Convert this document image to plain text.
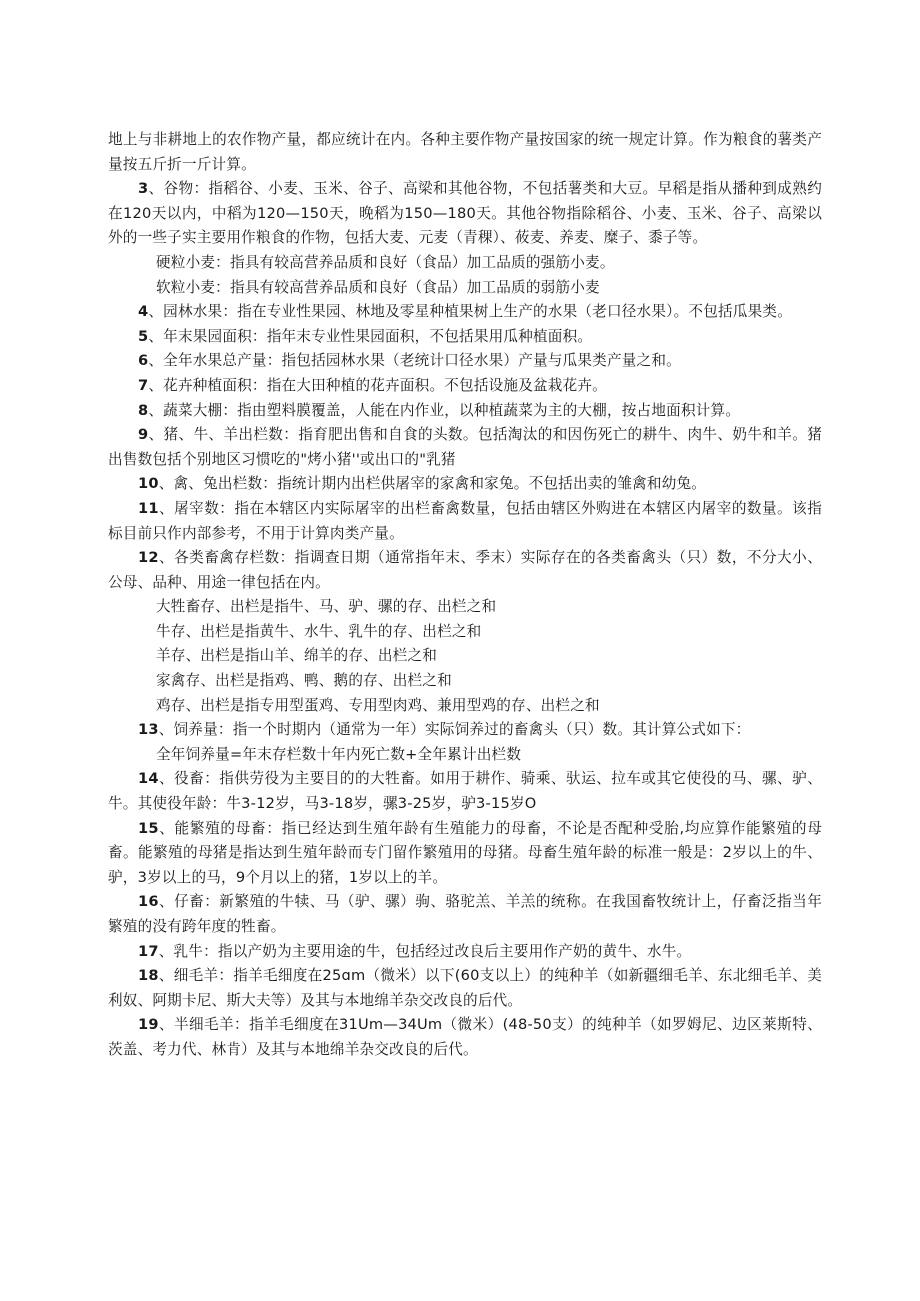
地上与非耕地上的农作物产量，都应统计在内。各种主要作物产量按国家的统一规定计算。作为粮食的薯类产量按五斤折一斤计算。

3、谷物：指稻谷、小麦、玉米、谷子、高梁和其他谷物，不包括薯类和大豆。早稻是指从播种到成熟约在120天以内，中稻为120—150天，晚稻为150—180天。其他谷物指除稻谷、小麦、玉米、谷子、高梁以外的一些子实主要用作粮食的作物，包括大麦、元麦（青稞）、莜麦、养麦、糜子、黍子等。

硬粒小麦：指具有较高营养品质和良好（食品）加工品质的强筋小麦。

软粒小麦：指具有较高营养品质和良好（食品）加工品质的弱筋小麦

4、园林水果：指在专业性果园、林地及零星种植果树上生产的水果（老口径水果）。不包括瓜果类。

5、年末果园面积：指年末专业性果园面积，不包括果用瓜种植面积。

6、全年水果总产量：指包括园林水果（老统计口径水果）产量与瓜果类产量之和。

7、花卉种植面积：指在大田种植的花卉面积。不包括设施及盆栽花卉。

8、蔬菜大棚：指由塑料膜覆盖，人能在内作业，以种植蔬菜为主的大棚，按占地面积计算。

9、猪、牛、羊出栏数：指育肥出售和自食的头数。包括淘汰的和因伤死亡的耕牛、肉牛、奶牛和羊。猪出售数包括个别地区习惯吃的"烤小猪''或出口的"乳猪

10、禽、兔出栏数：指统计期内出栏供屠宰的家禽和家兔。不包括出卖的雏禽和幼兔。

11、屠宰数：指在本辖区内实际屠宰的出栏畜禽数量，包括由辖区外购进在本辖区内屠宰的数量。该指标目前只作内部参考，不用于计算肉类产量。

12、各类畜禽存栏数：指调查日期（通常指年末、季末）实际存在的各类畜禽头（只）数，不分大小、公母、品种、用途一律包括在内。

大牲畜存、出栏是指牛、马、驴、骡的存、出栏之和

牛存、出栏是指黄牛、水牛、乳牛的存、出栏之和

羊存、出栏是指山羊、绵羊的存、出栏之和

家禽存、出栏是指鸡、鸭、鹅的存、出栏之和

鸡存、出栏是指专用型蛋鸡、专用型肉鸡、兼用型鸡的存、出栏之和

13、饲养量：指一个时期内（通常为一年）实际饲养过的畜禽头（只）数。其计算公式如下：

全年饲养量=年末存栏数十年内死亡数+全年累计出栏数

14、役畜：指供劳役为主要目的的大牲畜。如用于耕作、骑乘、驮运、拉车或其它使役的马、骡、驴、牛。其使役年龄：牛3-12岁，马3-18岁，骡3-25岁，驴3-15岁O

15、能繁殖的母畜：指已经达到生殖年龄有生殖能力的母畜，不论是否配种受胎,均应算作能繁殖的母畜。能繁殖的母猪是指达到生殖年龄而专门留作繁殖用的母猪。母畜生殖年龄的标准一般是：2岁以上的牛、驴，3岁以上的马，9个月以上的猪，1岁以上的羊。

16、仔畜：新繁殖的牛犊、马（驴、骡）驹、骆驼羔、羊羔的统称。在我国畜牧统计上，仔畜泛指当年繁殖的没有跨年度的牲畜。

17、乳牛：指以产奶为主要用途的牛，包括经过改良后主要用作产奶的黄牛、水牛。

18、细毛羊：指羊毛细度在25ɑm（微米）以下(60支以上）的纯种羊（如新疆细毛羊、东北细毛羊、美利奴、阿期卡尼、斯大夫等）及其与本地绵羊杂交改良的后代。

19、半细毛羊：指羊毛细度在31Um—34Um（微米）(48-50支）的纯种羊（如罗姆尼、边区莱斯特、茨盖、考力代、林肯）及其与本地绵羊杂交改良的后代。
